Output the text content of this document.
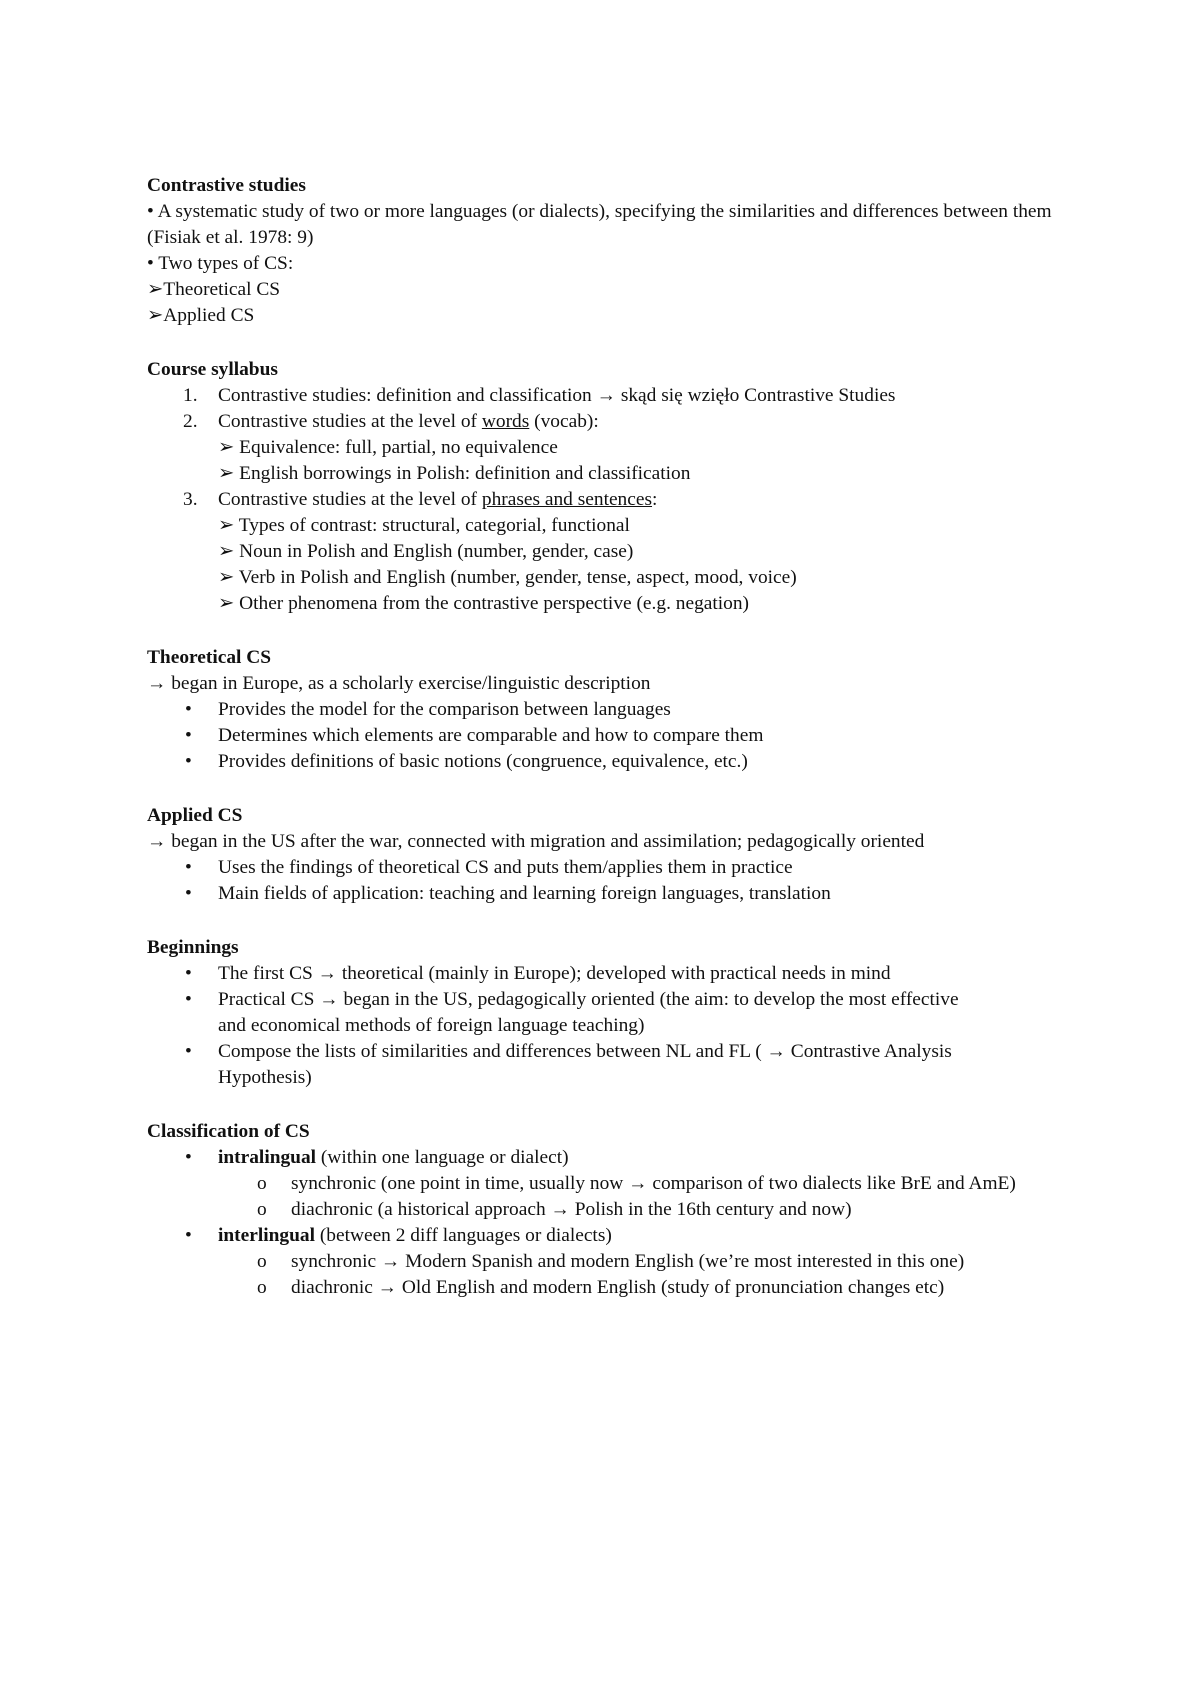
Contrastive studies
• A systematic study of two or more languages (or dialects), specifying the similarities and differences between them (Fisiak et al. 1978: 9)
• Two types of CS:
➢Theoretical CS
➢Applied CS
Course syllabus
1.	Contrastive studies: definition and classification → skąd się wzięło Contrastive Studies
2.	Contrastive studies at the level of words (vocab):
➢ Equivalence: full, partial, no equivalence
➢ English borrowings in Polish: definition and classification
3.	Contrastive studies at the level of phrases and sentences:
➢ Types of contrast: structural, categorial, functional
➢ Noun in Polish and English (number, gender, case)
➢ Verb in Polish and English (number, gender, tense, aspect, mood, voice)
➢ Other phenomena from the contrastive perspective (e.g. negation)
Theoretical CS
→ began in Europe, as a scholarly exercise/linguistic description
•	Provides the model for the comparison between languages
•	Determines which elements are comparable and how to compare them
•	Provides definitions of basic notions (congruence, equivalence, etc.)
Applied CS
→ began in the US after the war, connected with migration and assimilation; pedagogically oriented
•	Uses the findings of theoretical CS and puts them/applies them in practice
•	Main fields of application: teaching and learning foreign languages, translation
Beginnings
•	The first CS → theoretical (mainly in Europe); developed with practical needs in mind
•	Practical CS → began in the US, pedagogically oriented (the aim: to develop the most effective and economical methods of foreign language teaching)
•	Compose the lists of similarities and differences between NL and FL ( → Contrastive Analysis Hypothesis)
Classification of CS
•	intralingual (within one language or dialect)
o	synchronic (one point in time, usually now → comparison of two dialects like BrE and AmE)
o	diachronic (a historical approach → Polish in the 16th century and now)
•	interlingual (between 2 diff languages or dialects)
o	synchronic → Modern Spanish and modern English (we’re most interested in this one)
o	diachronic → Old English and modern English (study of pronunciation changes etc)
